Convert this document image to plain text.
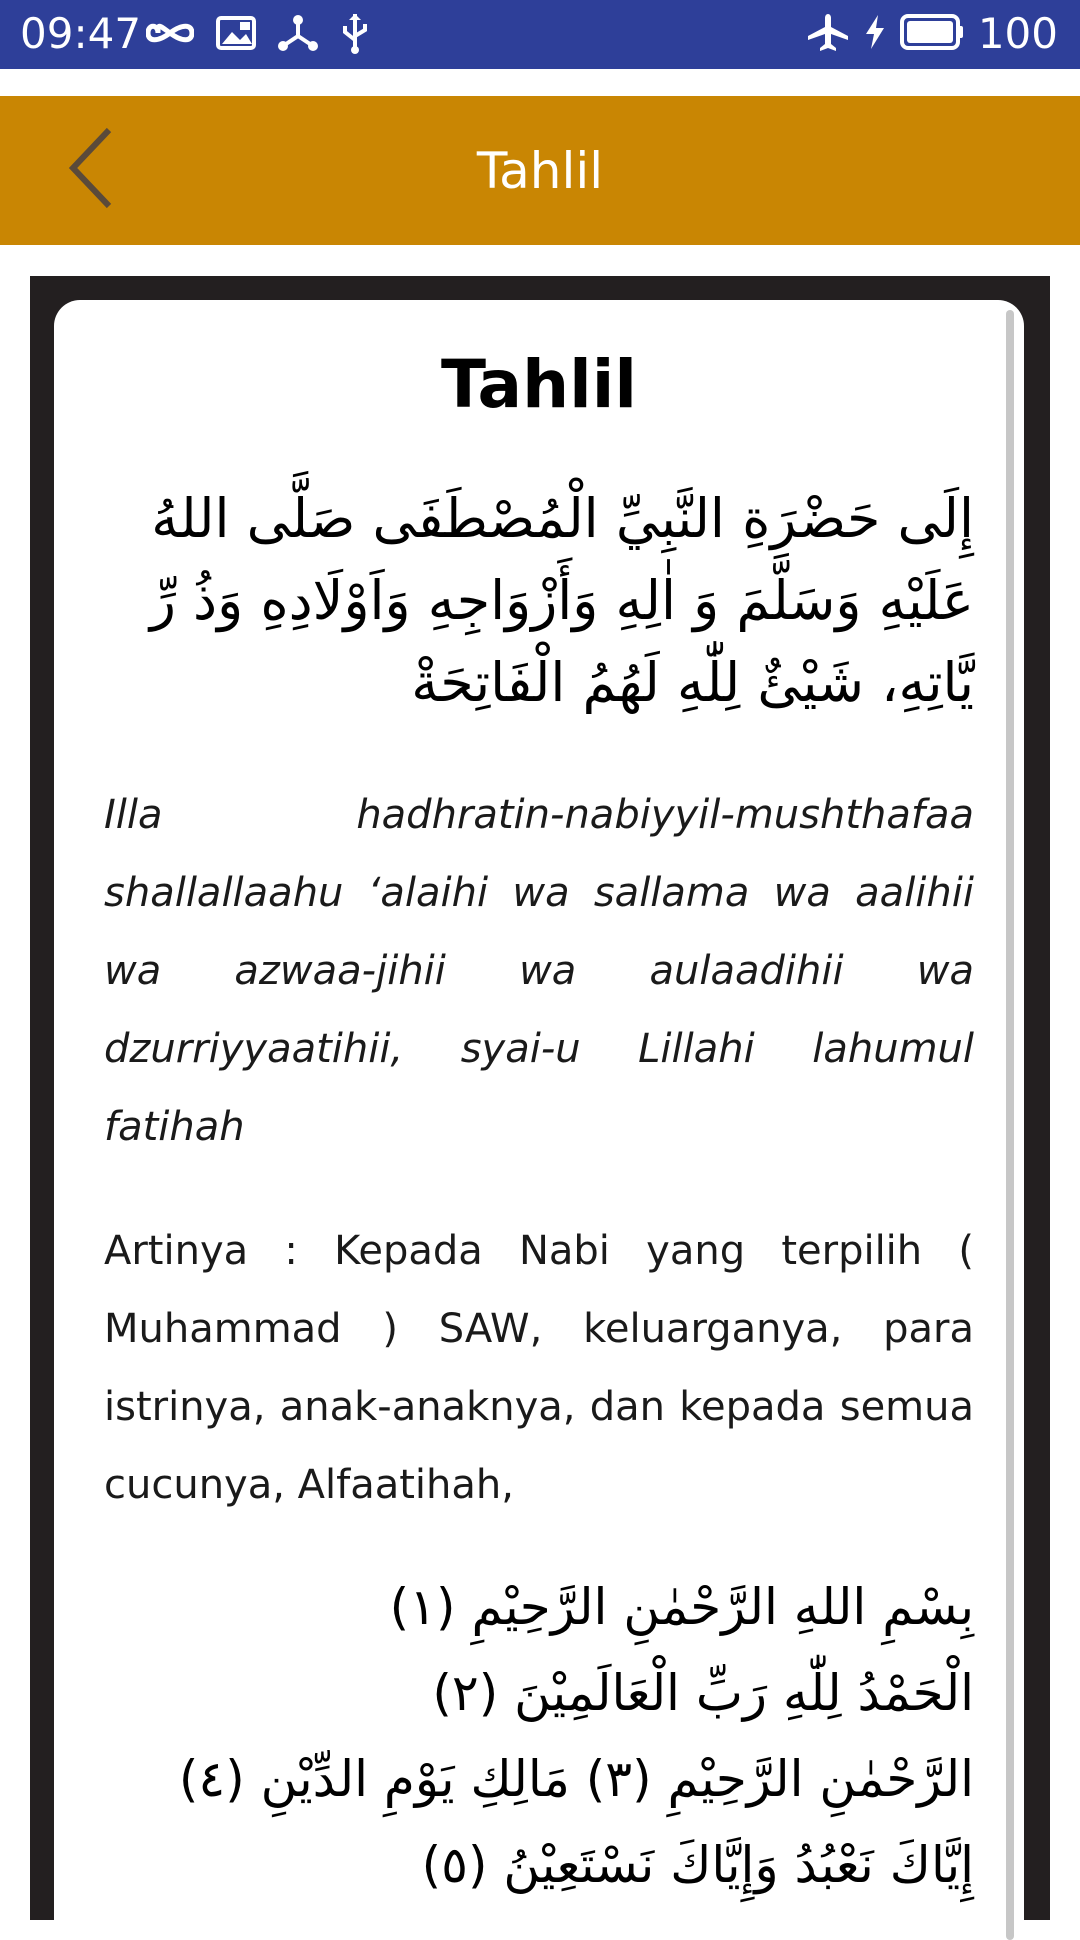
09:47	100
Tahlil
Tahlil
إِلَى حَضْرَةِ النَّبِيِّ الْمُصْطَفَى صَلَّى اللهُ عَلَيْهِ وَسَلَّمَ وَ اٰلِهِ وَأَزْوَاجِهِ وَاَوْلَادِهِ وَذُ رِّ يَّاتِهِ، شَيْئٌ لِلّٰهِ لَهُمُ الْفَاتِحَةْ
Illa hadhratin-nabiyyil-mushthafaa shallallaahu ‘alaihi wa sallama wa aalihii wa azwaa-jihii wa aulaadihii wa dzurriyyaatihii, syai-u Lillahi lahumul fatihah
Artinya : Kepada Nabi yang terpilih ( Muhammad ) SAW, keluarganya, para istrinya, anak-anaknya, dan kepada semua cucunya, Alfaatihah,
بِسْمِ اللهِ الرَّحْمٰنِ الرَّحِيْمِ (١)
الْحَمْدُ لِلّٰهِ رَبِّ الْعَالَمِيْنَ (٢)
الرَّحْمٰنِ الرَّحِيْمِ (٣) مَالِكِ يَوْمِ الدِّيْنِ (٤)
إِيَّاكَ نَعْبُدُ وَإِيَّاكَ نَسْتَعِيْنُ (٥)
